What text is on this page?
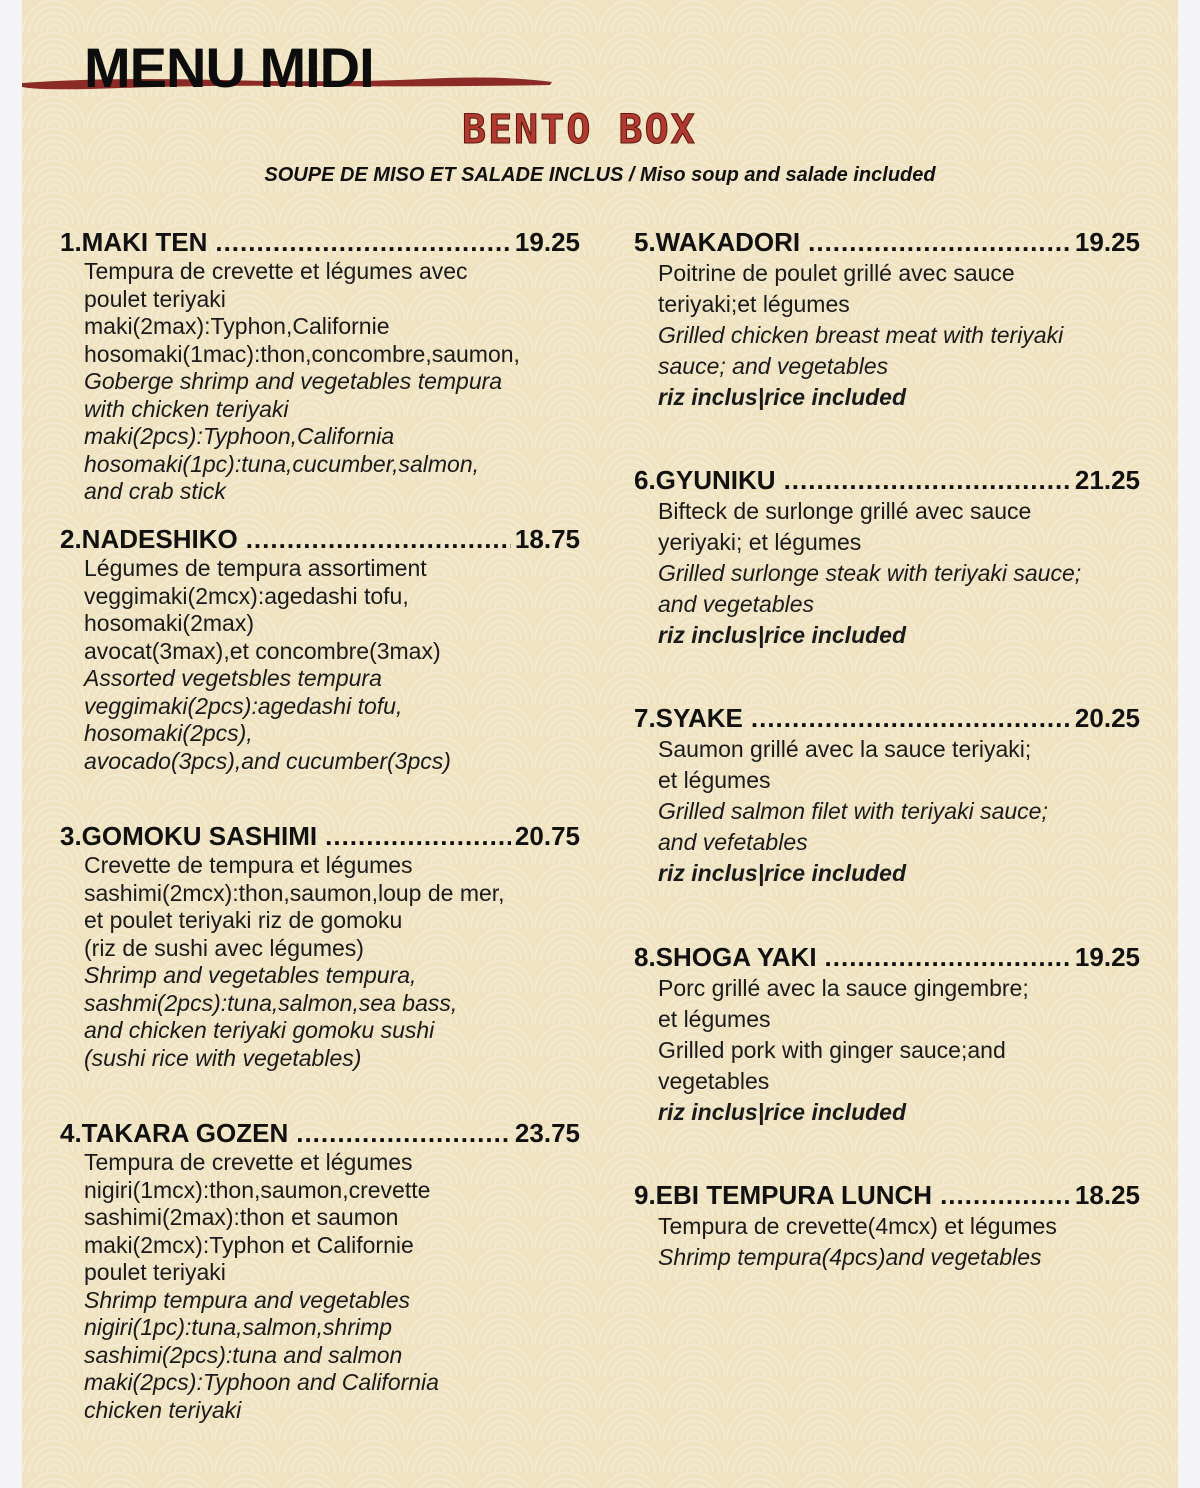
MENU MIDI
BENTO BOX
SOUPE DE MISO ET SALADE INCLUS / Miso soup and salade included
1.MAKI TEN .....	19.25
Tempura de crevette et légumes avec
poulet teriyaki
maki(2max):Typhon,Californie
hosomaki(1mac):thon,concombre,saumon,
Goberge shrimp and vegetables tempura
with chicken teriyaki
maki(2pcs):Typhoon,California
hosomaki(1pc):tuna,cucumber,salmon,
and crab stick
2.NADESHIKO .....	18.75
Légumes de tempura assortiment
veggimaki(2mcx):agedashi tofu,
hosomaki(2max)
avocat(3max),et concombre(3max)
Assorted vegetsbles tempura
veggimaki(2pcs):agedashi tofu,
hosomaki(2pcs),
avocado(3pcs),and cucumber(3pcs)
3.GOMOKU SASHIMI .....	20.75
Crevette de tempura et légumes
sashimi(2mcx):thon,saumon,loup de mer,
et poulet teriyaki riz de gomoku
(riz de sushi avec légumes)
Shrimp and vegetables tempura,
sashmi(2pcs):tuna,salmon,sea bass,
and chicken teriyaki gomoku sushi
(sushi rice with vegetables)
4.TAKARA GOZEN .....	23.75
Tempura de crevette et légumes
nigiri(1mcx):thon,saumon,crevette
sashimi(2max):thon et saumon
maki(2mcx):Typhon et Californie
poulet teriyaki
Shrimp tempura and vegetables
nigiri(1pc):tuna,salmon,shrimp
sashimi(2pcs):tuna and salmon
maki(2pcs):Typhoon and California
chicken teriyaki
5.WAKADORI .....	19.25
Poitrine de poulet grillé avec sauce
teriyaki;et légumes
Grilled chicken breast meat with teriyaki
sauce; and vegetables
riz inclus|rice included
6.GYUNIKU .....	21.25
Bifteck de surlonge grillé avec sauce
yeriyaki; et légumes
Grilled surlonge steak with teriyaki sauce;
and vegetables
riz inclus|rice included
7.SYAKE .....	20.25
Saumon grillé avec la sauce teriyaki;
et légumes
Grilled salmon filet with teriyaki sauce;
and vefetables
riz inclus|rice included
8.SHOGA YAKI .....	19.25
Porc grillé avec la sauce gingembre;
et légumes
Grilled pork with ginger sauce;and
vegetables
riz inclus|rice included
9.EBI TEMPURA LUNCH .....	18.25
Tempura de crevette(4mcx) et légumes
Shrimp tempura(4pcs)and vegetables
